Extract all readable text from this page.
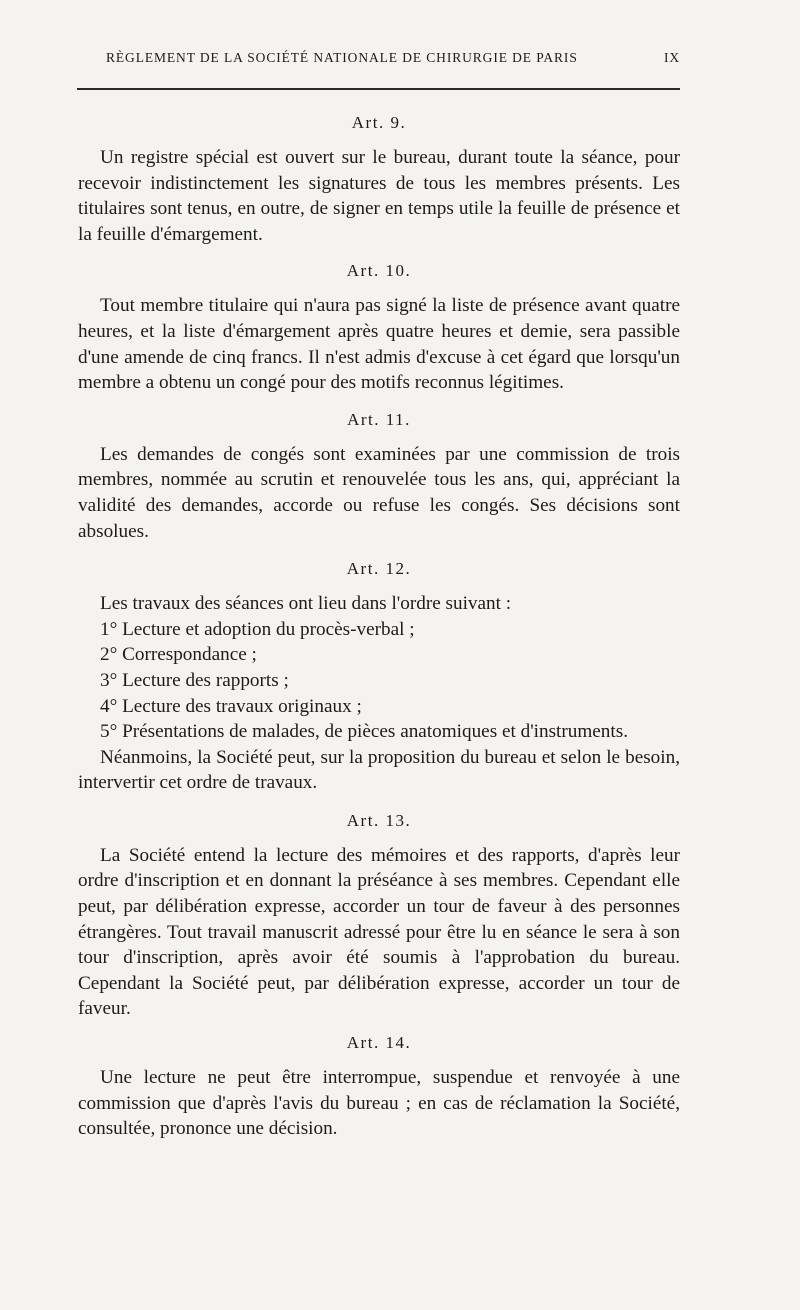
RÈGLEMENT DE LA SOCIÉTÉ NATIONALE DE CHIRURGIE DE PARIS	IX
Art. 9.

Un registre spécial est ouvert sur le bureau, durant toute la séance, pour recevoir indistinctement les signatures de tous les membres présents. Les titulaires sont tenus, en outre, de signer en temps utile la feuille de présence et la feuille d'émargement.

Art. 10.

Tout membre titulaire qui n'aura pas signé la liste de présence avant quatre heures, et la liste d'émargement après quatre heures et demie, sera passible d'une amende de cinq francs. Il n'est admis d'excuse à cet égard que lorsqu'un membre a obtenu un congé pour des motifs reconnus légitimes.

Art. 11.

Les demandes de congés sont examinées par une commission de trois membres, nommée au scrutin et renouvelée tous les ans, qui, appréciant la validité des demandes, accorde ou refuse les congés. Ses décisions sont absolues.

Art. 12.

Les travaux des séances ont lieu dans l'ordre suivant :

1° Lecture et adoption du procès-verbal ;

2° Correspondance ;

3° Lecture des rapports ;

4° Lecture des travaux originaux ;

5° Présentations de malades, de pièces anatomiques et d'instruments.

Néanmoins, la Société peut, sur la proposition du bureau et selon le besoin, intervertir cet ordre de travaux.

Art. 13.

La Société entend la lecture des mémoires et des rapports, d'après leur ordre d'inscription et en donnant la préséance à ses membres. Cependant elle peut, par délibération expresse, accorder un tour de faveur à des personnes étrangères. Tout travail manuscrit adressé pour être lu en séance le sera à son tour d'inscription, après avoir été soumis à l'approbation du bureau. Cependant la Société peut, par délibération expresse, accorder un tour de faveur.

Art. 14.

Une lecture ne peut être interrompue, suspendue et renvoyée à une commission que d'après l'avis du bureau ; en cas de réclamation la Société, consultée, prononce une décision.
